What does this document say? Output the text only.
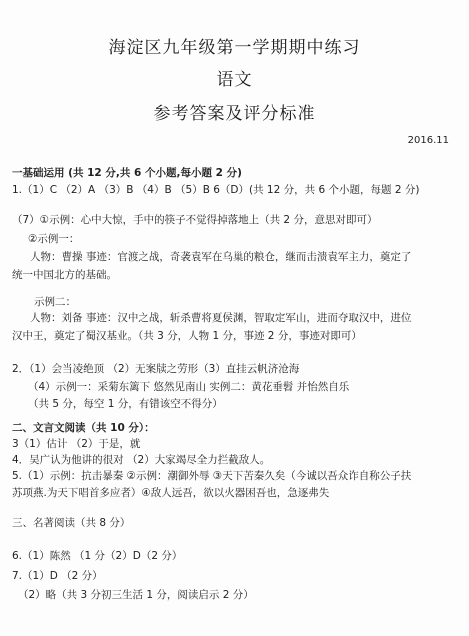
海淀区九年级第一学期期中练习
语文
参考答案及评分标准
2016.11
一基础运用 (共 12 分,共 6 个小题,每小题 2 分)
1.（1）C （2）A （3）B （4）B （5）B 6（D）(共 12 分，共 6 个小题，每题 2 分)
（7）①示例：心中大惊，手中的筷子不觉得掉落地上（共 2 分，意思对即可）
②示例一：
人物：曹操 事迹：官渡之战，奇袭袁军在乌巢的粮仓，继而击溃袁军主力，奠定了
统一中国北方的基础。
示例二：
人物：刘备 事迹：汉中之战，斩杀曹将夏侯渊，智取定军山，进而夺取汉中，进位
汉中王，奠定了蜀汉基业。（共 3 分，人物 1 分，事迹 2 分，事迹对即可）
2．（1）会当凌绝顶 （2）无案牍之劳形（3）直挂云帆济沧海
（4）示例一：采菊东篱下 悠然见南山 实例二：黄花垂髫 并怡然自乐
（共 5 分，每空 1 分，有错该空不得分）
二、文言文阅读（共 10 分）：
3（1）估计 （2）于是，就
4．吴广认为他讲的很对 （2）大家竭尽全力拦截敌人。
5.（1）示例：抗击暴秦 ②示例：潮御外辱 ③天下苦秦久矣（今诚以吾众诈自称公子扶
苏项燕.为天下唱首多应者）④敌人远吾，欲以火器困吾也，急逐弗失
三、名著阅读（共 8 分）
6.（1）陈然 （1 分（2）D（2 分）
7.（1）D （2 分）
（2）略（共 3 分初三生活 1 分，阅读启示 2 分）
